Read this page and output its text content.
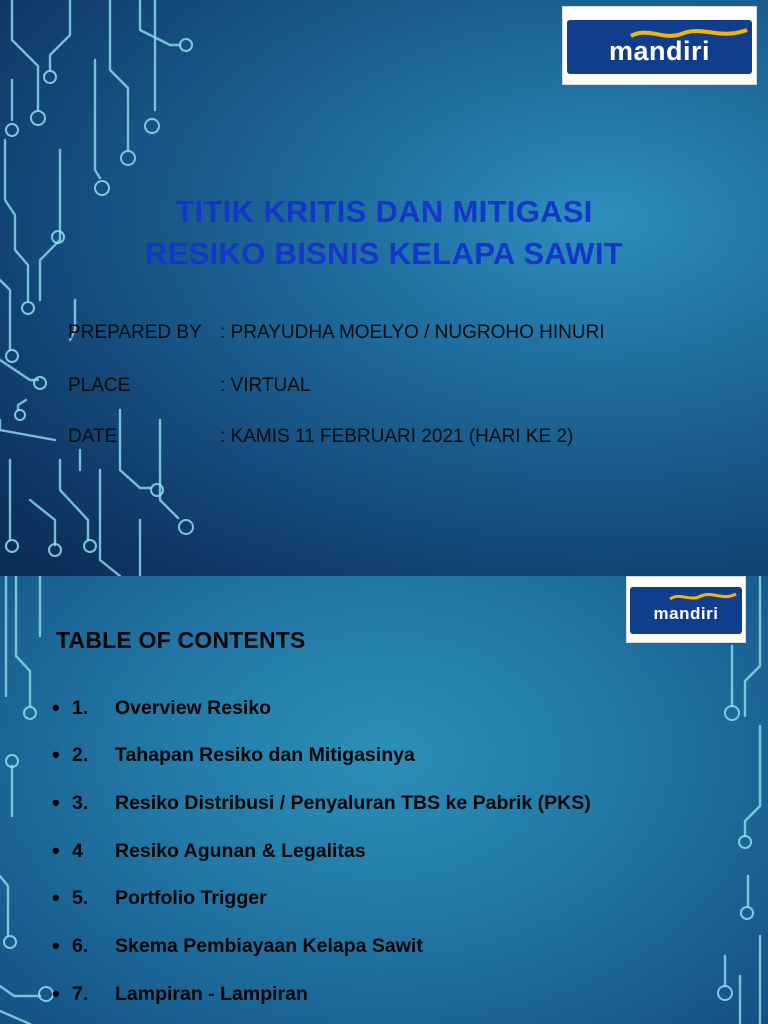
mandiri
TITIK KRITIS DAN MITIGASI
RESIKO BISNIS KELAPA SAWIT
PREPARED BY : PRAYUDHA MOELYO / NUGROHO HINURI
PLACE	: VIRTUAL
DATE	: KAMIS 11 FEBRUARI 2021 (HARI KE 2)
mandiri
TABLE OF CONTENTS
• 1. Overview Resiko
• 2. Tahapan Resiko dan Mitigasinya
• 3. Resiko Distribusi / Penyaluran TBS ke Pabrik (PKS)
• 4 Resiko Agunan & Legalitas
• 5. Portfolio Trigger
• 6. Skema Pembiayaan Kelapa Sawit
• 7. Lampiran - Lampiran
